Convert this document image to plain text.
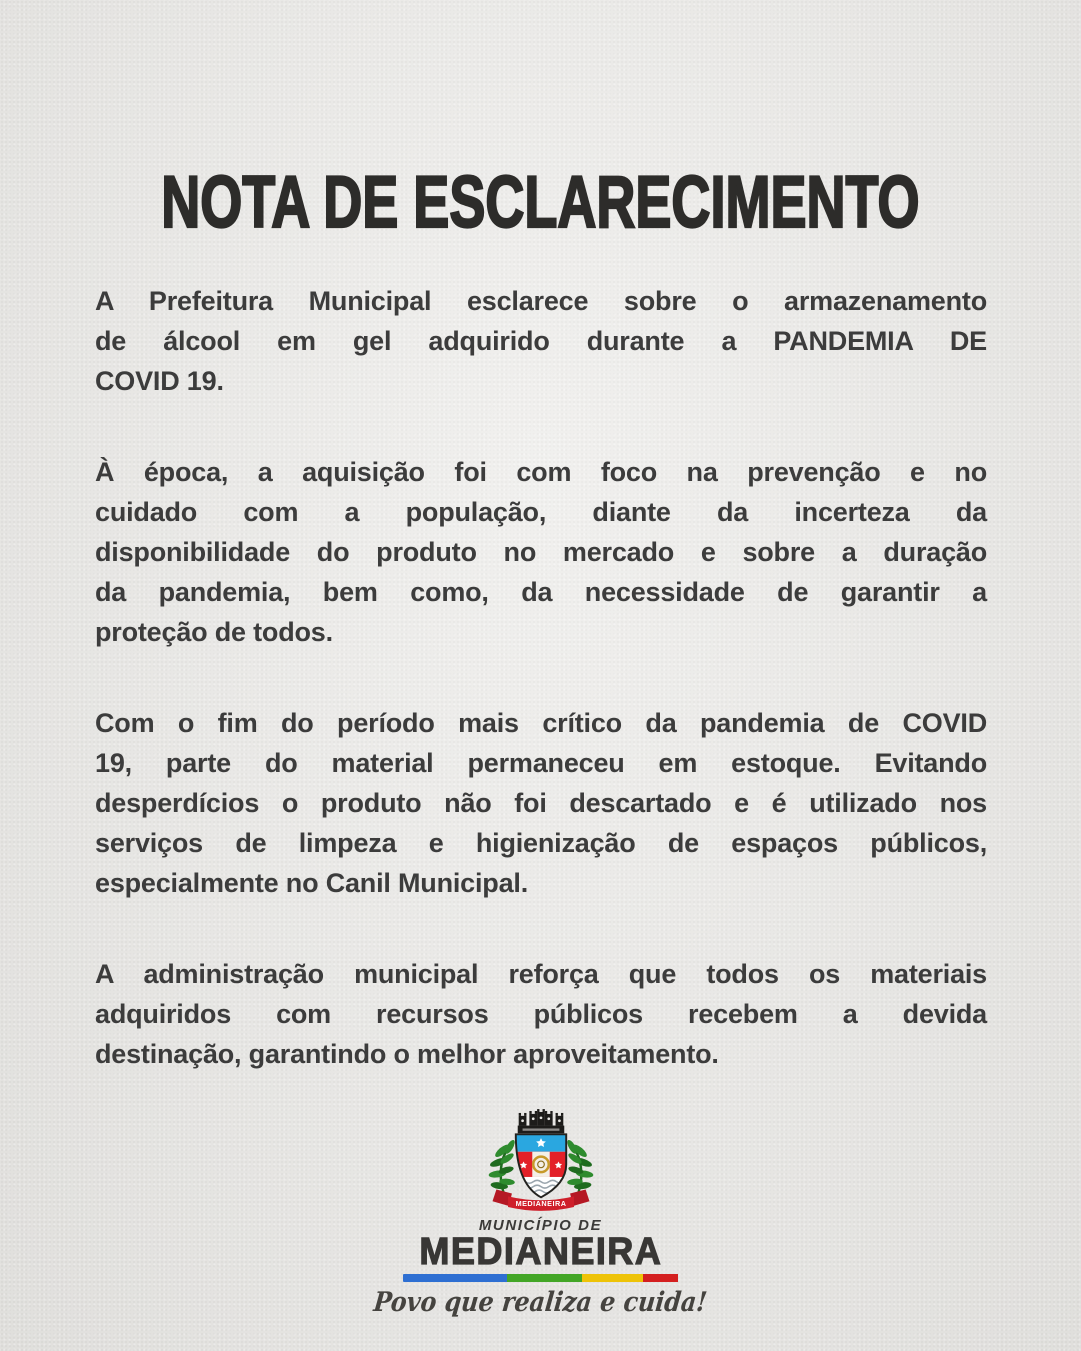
NOTA DE ESCLARECIMENTO
A Prefeitura Municipal esclarece sobre o armazenamento
de álcool em gel adquirido durante a PANDEMIA DE
COVID 19.
À época, a aquisição foi com foco na prevenção e no
cuidado com a população, diante da incerteza da
disponibilidade do produto no mercado e sobre a duração
da pandemia, bem como, da necessidade de garantir a
proteção de todos.
Com o fim do período mais crítico da pandemia de COVID
19, parte do material permaneceu em estoque. Evitando
desperdícios o produto não foi descartado e é utilizado nos
serviços de limpeza e higienização de espaços públicos,
especialmente no Canil Municipal.
A administração municipal reforça que todos os materiais
adquiridos com recursos públicos recebem a devida
destinação, garantindo o melhor aproveitamento.
MEDIANEIRA
MUNICÍPIO DE
MEDIANEIRA
Povo que realiza e cuida!
